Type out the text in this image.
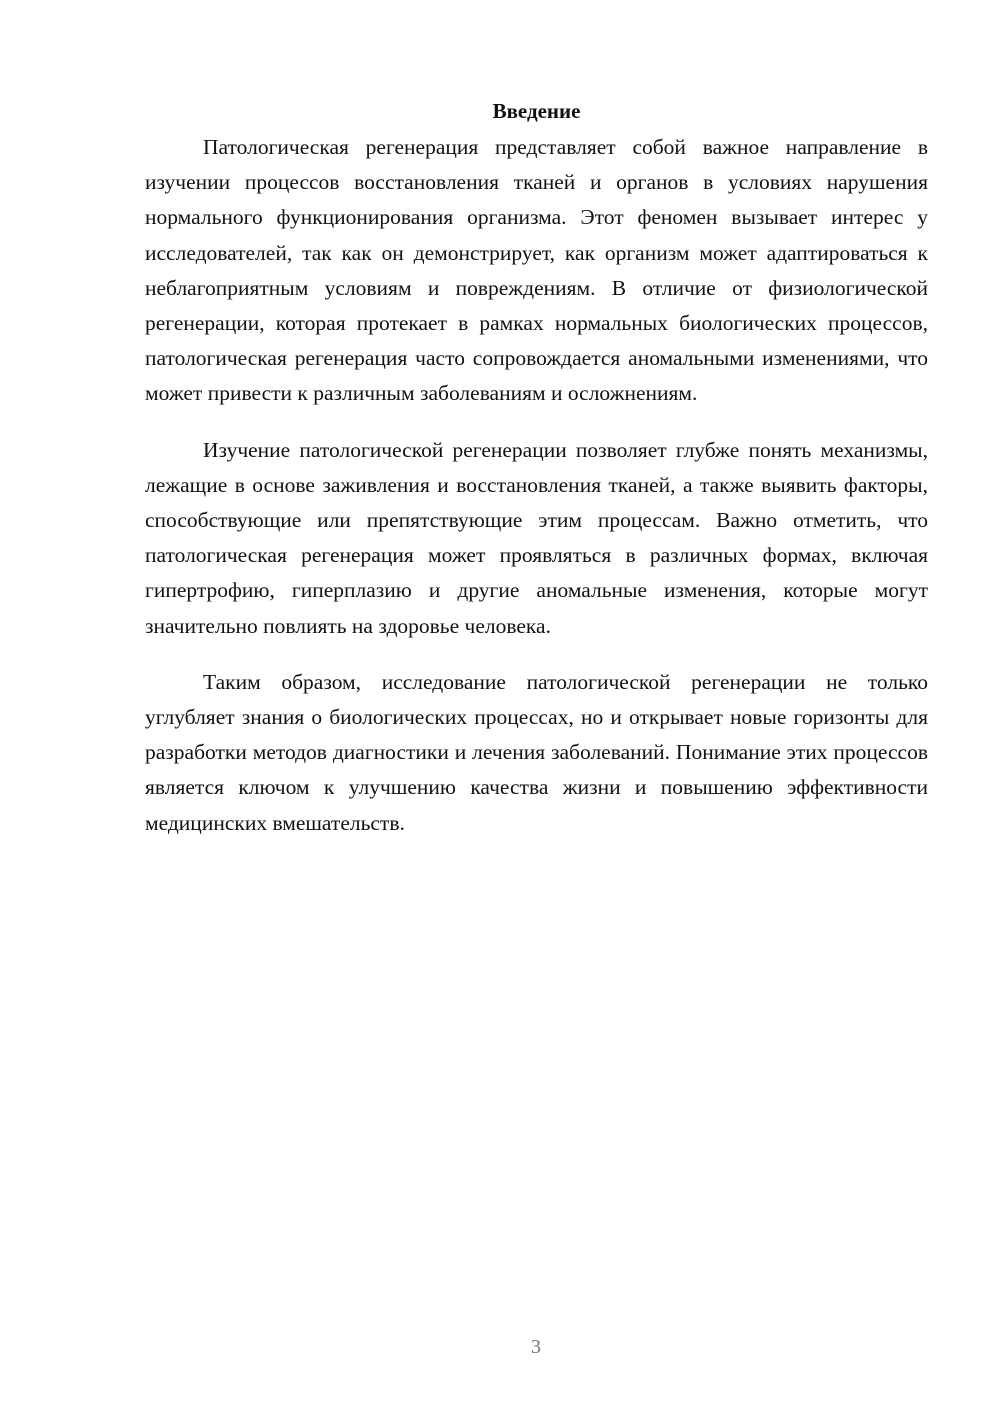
Введение

Патологическая регенерация представляет собой важное направление в изучении процессов восстановления тканей и органов в условиях нарушения нормального функционирования организма. Этот феномен вызывает интерес у исследователей, так как он демонстрирует, как организм может адаптироваться к неблагоприятным условиям и повреждениям. В отличие от физиологической регенерации, которая протекает в рамках нормальных биологических процессов, патологическая регенерация часто сопровождается аномальными изменениями, что может привести к различным заболеваниям и осложнениям.

Изучение патологической регенерации позволяет глубже понять механизмы, лежащие в основе заживления и восстановления тканей, а также выявить факторы, способствующие или препятствующие этим процессам. Важно отметить, что патологическая регенерация может проявляться в различных формах, включая гипертрофию, гиперплазию и другие аномальные изменения, которые могут значительно повлиять на здоровье человека.

Таким образом, исследование патологической регенерации не только углубляет знания о биологических процессах, но и открывает новые горизонты для разработки методов диагностики и лечения заболеваний. Понимание этих процессов является ключом к улучшению качества жизни и повышению эффективности медицинских вмешательств.

3
